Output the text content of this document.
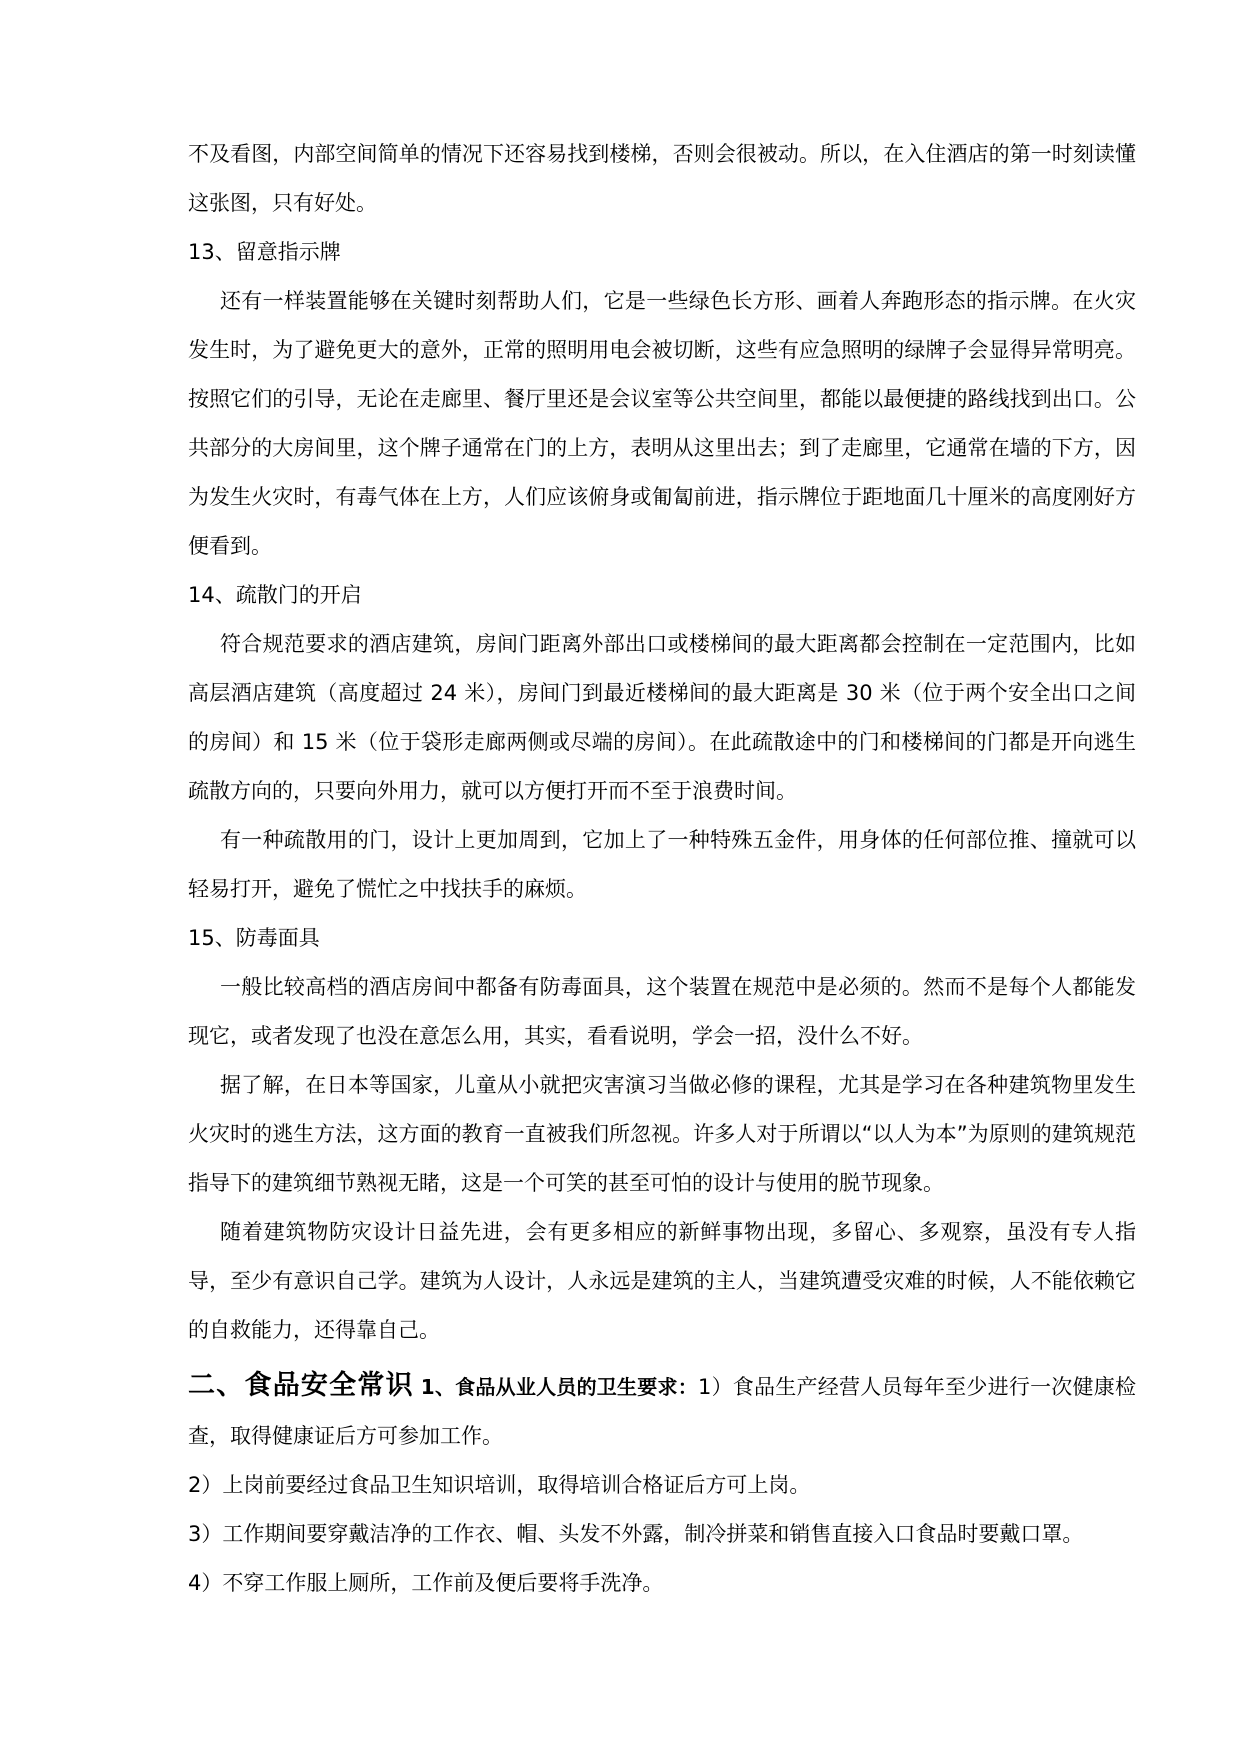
不及看图，内部空间简单的情况下还容易找到楼梯，否则会很被动。所以，在入住酒店的第一时刻读懂这张图，只有好处。

13、留意指示牌

还有一样装置能够在关键时刻帮助人们，它是一些绿色长方形、画着人奔跑形态的指示牌。在火灾发生时，为了避免更大的意外，正常的照明用电会被切断，这些有应急照明的绿牌子会显得异常明亮。按照它们的引导，无论在走廊里、餐厅里还是会议室等公共空间里，都能以最便捷的路线找到出口。公共部分的大房间里，这个牌子通常在门的上方，表明从这里出去；到了走廊里，它通常在墙的下方，因为发生火灾时，有毒气体在上方，人们应该俯身或匍匐前进，指示牌位于距地面几十厘米的高度刚好方便看到。

14、疏散门的开启

符合规范要求的酒店建筑，房间门距离外部出口或楼梯间的最大距离都会控制在一定范围内，比如高层酒店建筑（高度超过 24 米），房间门到最近楼梯间的最大距离是 30 米（位于两个安全出口之间的房间）和 15 米（位于袋形走廊两侧或尽端的房间）。在此疏散途中的门和楼梯间的门都是开向逃生疏散方向的，只要向外用力，就可以方便打开而不至于浪费时间。

有一种疏散用的门，设计上更加周到，它加上了一种特殊五金件，用身体的任何部位推、撞就可以轻易打开，避免了慌忙之中找扶手的麻烦。

15、防毒面具

一般比较高档的酒店房间中都备有防毒面具，这个装置在规范中是必须的。然而不是每个人都能发现它，或者发现了也没在意怎么用，其实，看看说明，学会一招，没什么不好。

据了解，在日本等国家，儿童从小就把灾害演习当做必修的课程，尤其是学习在各种建筑物里发生火灾时的逃生方法，这方面的教育一直被我们所忽视。许多人对于所谓以“以人为本”为原则的建筑规范指导下的建筑细节熟视无睹，这是一个可笑的甚至可怕的设计与使用的脱节现象。

随着建筑物防灾设计日益先进，会有更多相应的新鲜事物出现，多留心、多观察，虽没有专人指导，至少有意识自己学。建筑为人设计，人永远是建筑的主人，当建筑遭受灾难的时候，人不能依赖它的自救能力，还得靠自己。

二、食品安全常识 1、食品从业人员的卫生要求：1）食品生产经营人员每年至少进行一次健康检查，取得健康证后方可参加工作。

2）上岗前要经过食品卫生知识培训，取得培训合格证后方可上岗。

3）工作期间要穿戴洁净的工作衣、帽、头发不外露，制冷拼菜和销售直接入口食品时要戴口罩。

4）不穿工作服上厕所，工作前及便后要将手洗净。
